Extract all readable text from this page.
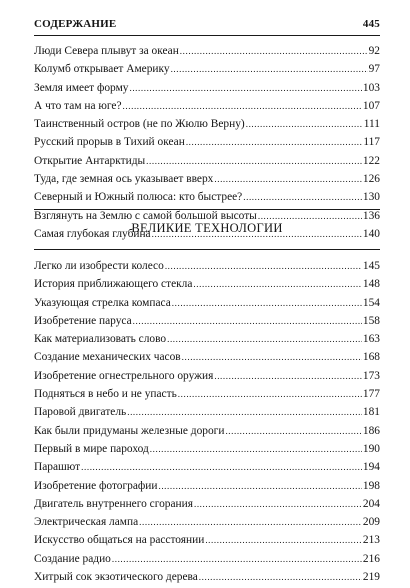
СОДЕРЖАНИЕ	445
Люди Севера плывут за океан .....	92
Колумб открывает Америку .....	97
Земля имеет форму .....	103
А что там на юге? .....	107
Таинственный остров (не по Жюлю Верну) .....	111
Русский прорыв в Тихий океан .....	117
Открытие Антарктиды .....	122
Туда, где земная ось указывает вверх .....	126
Северный и Южный полюса: кто быстрее? .....	130
Взглянуть на Землю с самой большой высоты .....	136
Самая глубокая глубина .....	140
ВЕЛИКИЕ ТЕХНОЛОГИИ
Легко ли изобрести колесо .....	145
История приближающего стекла .....	148
Указующая стрелка компаса .....	154
Изобретение паруса .....	158
Как материализовать слово .....	163
Создание механических часов .....	168
Изобретение огнестрельного оружия .....	173
Подняться в небо и не упасть .....	177
Паровой двигатель .....	181
Как были придуманы железные дороги .....	186
Первый в мире пароход .....	190
Парашют .....	194
Изобретение фотографии .....	198
Двигатель внутреннего сгорания .....	204
Электрическая лампа .....	209
Искусство общаться на расстоянии .....	213
Создание радио .....	216
Хитрый сок экзотического дерева .....	219
